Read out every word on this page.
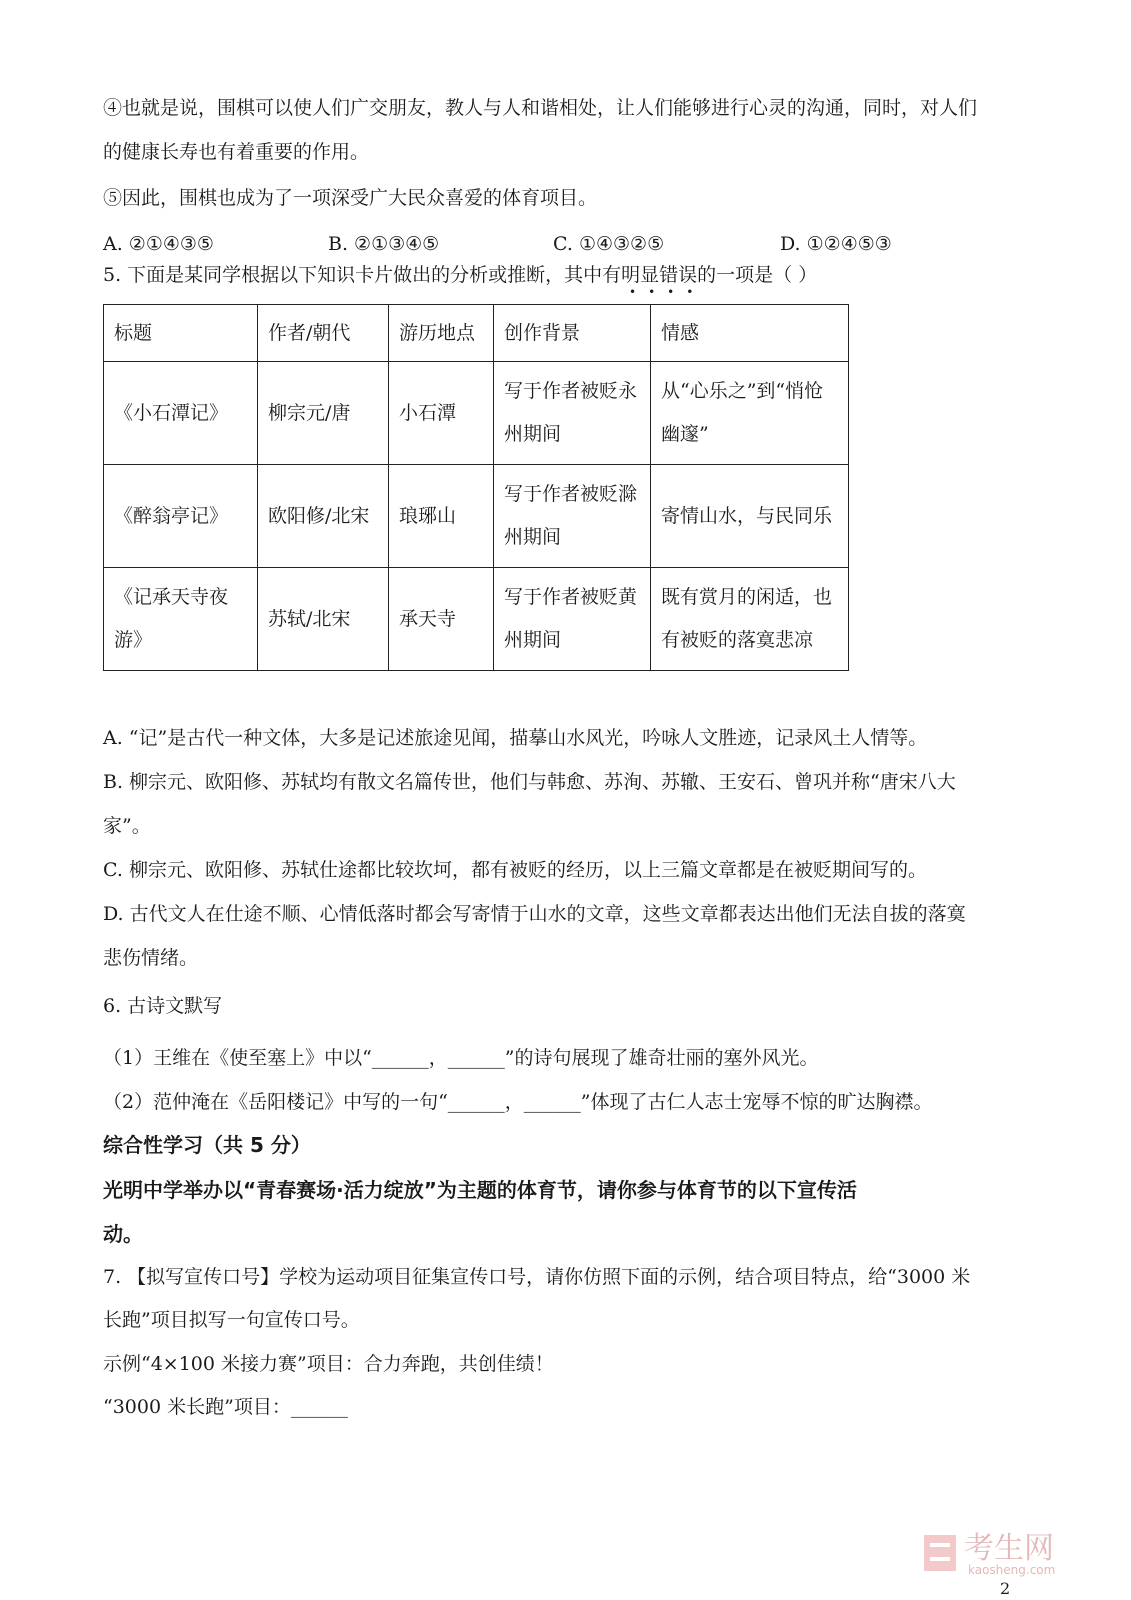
④也就是说，围棋可以使人们广交朋友，教人与人和谐相处，让人们能够进行心灵的沟通，同时，对人们
的健康长寿也有着重要的作用。
⑤因此，围棋也成为了一项深受广大民众喜爱的体育项目。
A. ②①④③⑤	B. ②①③④⑤	C. ①④③②⑤	D. ①②④⑤③
5. 下面是某同学根据以下知识卡片做出的分析或推断，其中有明显错误的一项是（ ）
••••
标题	作者/朝代	游历地点	创作背景	情感
《小石潭记》	柳宗元/唐	小石潭	写于作者被贬永州期间	从“心乐之”到“悄怆幽邃”
《醉翁亭记》	欧阳修/北宋	琅琊山	写于作者被贬滁州期间	寄情山水，与民同乐
《记承天寺夜游》	苏轼/北宋	承天寺	写于作者被贬黄州期间	既有赏月的闲适，也有被贬的落寞悲凉
A. “记”是古代一种文体，大多是记述旅途见闻，描摹山水风光，吟咏人文胜迹，记录风土人情等。
B. 柳宗元、欧阳修、苏轼均有散文名篇传世，他们与韩愈、苏洵、苏辙、王安石、曾巩并称“唐宋八大
家”。
C. 柳宗元、欧阳修、苏轼仕途都比较坎坷，都有被贬的经历，以上三篇文章都是在被贬期间写的。
D. 古代文人在仕途不顺、心情低落时都会写寄情于山水的文章，这些文章都表达出他们无法自拔的落寞
悲伤情绪。
6. 古诗文默写
（1）王维在《使至塞上》中以“______，______”的诗句展现了雄奇壮丽的塞外风光。
（2）范仲淹在《岳阳楼记》中写的一句“______，______”体现了古仁人志士宠辱不惊的旷达胸襟。
综合性学习（共 5 分）
光明中学举办以“青春赛场·活力绽放”为主题的体育节，请你参与体育节的以下宣传活
动。
7. 【拟写宣传口号】学校为运动项目征集宣传口号，请你仿照下面的示例，结合项目特点，给“3000 米
长跑”项目拟写一句宣传口号。
示例“4×100 米接力赛”项目：合力奔跑，共创佳绩！
“3000 米长跑”项目：______
考生网
kaosheng.com
2
